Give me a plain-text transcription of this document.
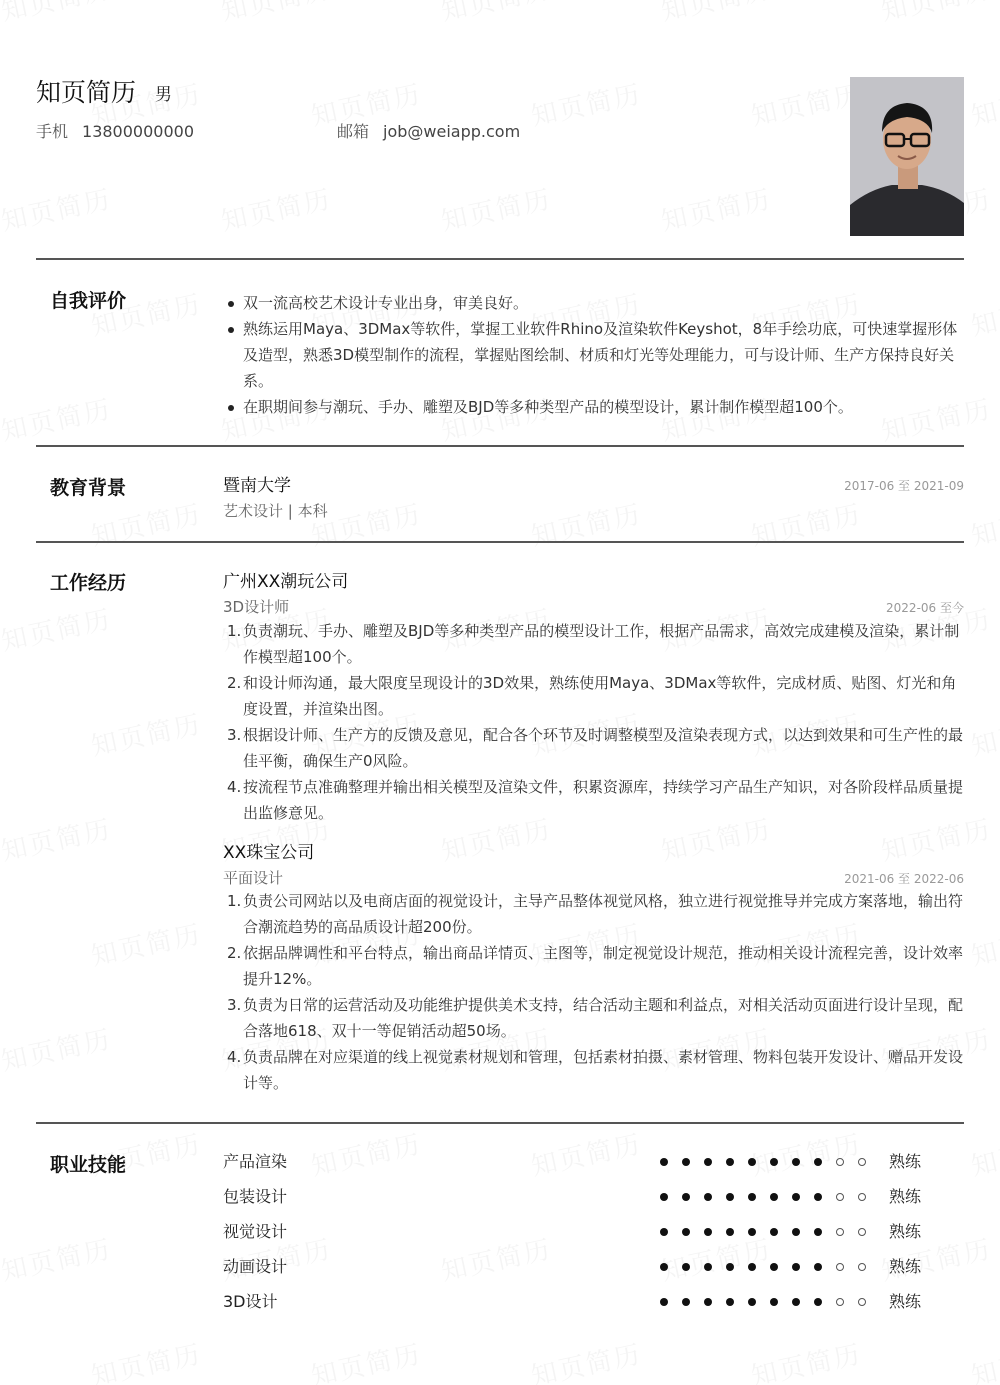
知页简历 男
手机 13800000000	邮箱 job@weiapp.com
自我评价	双一流高校艺术设计专业出身，审美良好。
熟练运用Maya、3DMax等软件，掌握工业软件Rhino及渲染软件Keyshot，8年手绘功底，可快速掌握形体及造型，熟悉3D模型制作的流程，掌握贴图绘制、材质和灯光等处理能力，可与设计师、生产方保持良好关系。
在职期间参与潮玩、手办、雕塑及BJD等多种类型产品的模型设计，累计制作模型超100个。
教育背景	暨南大学	2017-06 至 2021-09
艺术设计 | 本科
工作经历	广州XX潮玩公司
3D设计师	2022-06 至今
1. 负责潮玩、手办、雕塑及BJD等多种类型产品的模型设计工作，根据产品需求，高效完成建模及渲染，累计制作模型超100个。
2. 和设计师沟通，最大限度呈现设计的3D效果，熟练使用Maya、3DMax等软件，完成材质、贴图、灯光和角度设置，并渲染出图。
3. 根据设计师、生产方的反馈及意见，配合各个环节及时调整模型及渲染表现方式，以达到效果和可生产性的最佳平衡，确保生产0风险。
4. 按流程节点准确整理并输出相关模型及渲染文件，积累资源库，持续学习产品生产知识，对各阶段样品质量提出监修意见。
XX珠宝公司
平面设计	2021-06 至 2022-06
1. 负责公司网站以及电商店面的视觉设计，主导产品整体视觉风格，独立进行视觉推导并完成方案落地，输出符合潮流趋势的高品质设计超200份。
2. 依据品牌调性和平台特点，输出商品详情页、主图等，制定视觉设计规范，推动相关设计流程完善，设计效率提升12%。
3. 负责为日常的运营活动及功能维护提供美术支持，结合活动主题和利益点，对相关活动页面进行设计呈现，配合落地618、双十一等促销活动超50场。
4. 负责品牌在对应渠道的线上视觉素材规划和管理，包括素材拍摄、素材管理、物料包装开发设计、赠品开发设计等。
职业技能	产品渲染	熟练
包装设计	熟练
视觉设计	熟练
动画设计	熟练
3D设计	熟练
